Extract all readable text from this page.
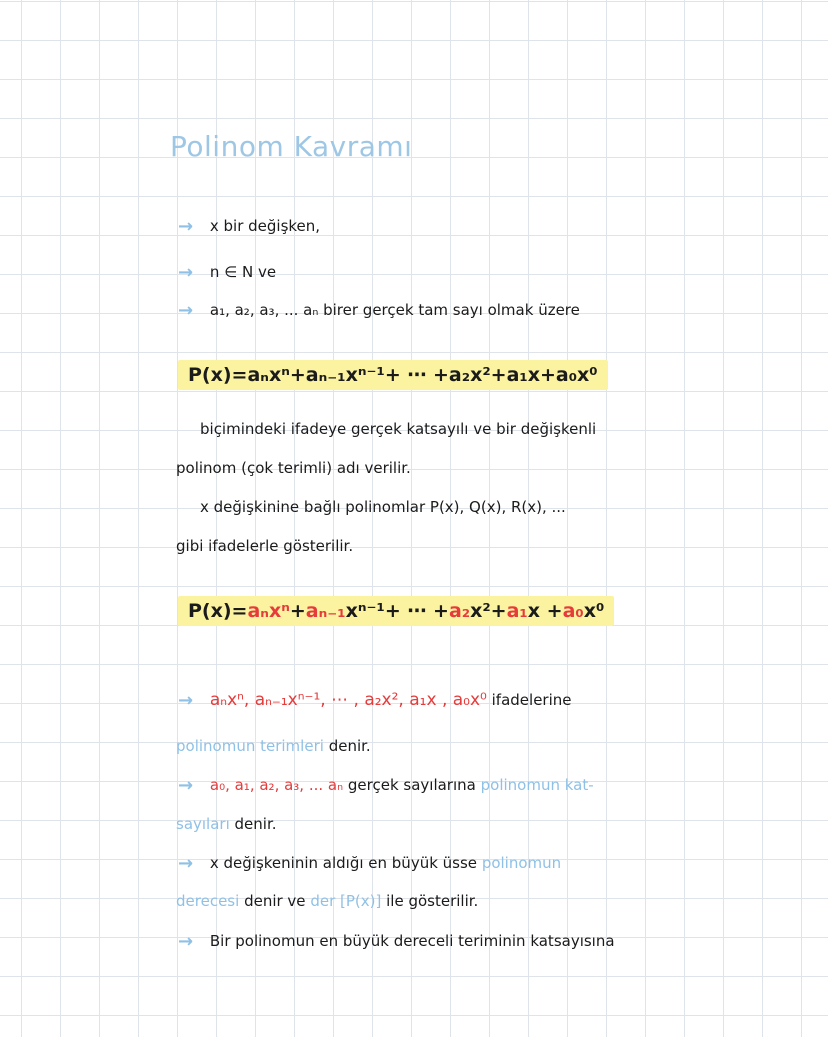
Polinom Kavramı
→ x bir değişken,
→ n ∈ N ve
→ a₁, a₂, a₃, ... aₙ birer gerçek tam sayı olmak üzere
P(x)=aₙxⁿ+aₙ₋₁xⁿ⁻¹+ ⋯ +a₂x²+a₁x+a₀x⁰
biçimindeki ifadeye gerçek katsayılı ve bir değişkenli
polinom (çok terimli) adı verilir.
x değişkinine bağlı polinomlar P(x), Q(x), R(x), ...
gibi ifadelerle gösterilir.
P(x)=aₙxⁿ+aₙ₋₁xⁿ⁻¹+ ⋯ +a₂x²+a₁x +a₀x⁰
→ aₙxⁿ, aₙ₋₁xⁿ⁻¹, ⋯ , a₂x², a₁x , a₀x⁰ ifadelerine
polinomun terimleri denir.
→ a₀, a₁, a₂, a₃, ... aₙ gerçek sayılarına polinomun kat-
sayıları denir.
→ x değişkeninin aldığı en büyük üsse polinomun
derecesi denir ve der [P(x)] ile gösterilir.
→ Bir polinomun en büyük dereceli teriminin katsayısına
